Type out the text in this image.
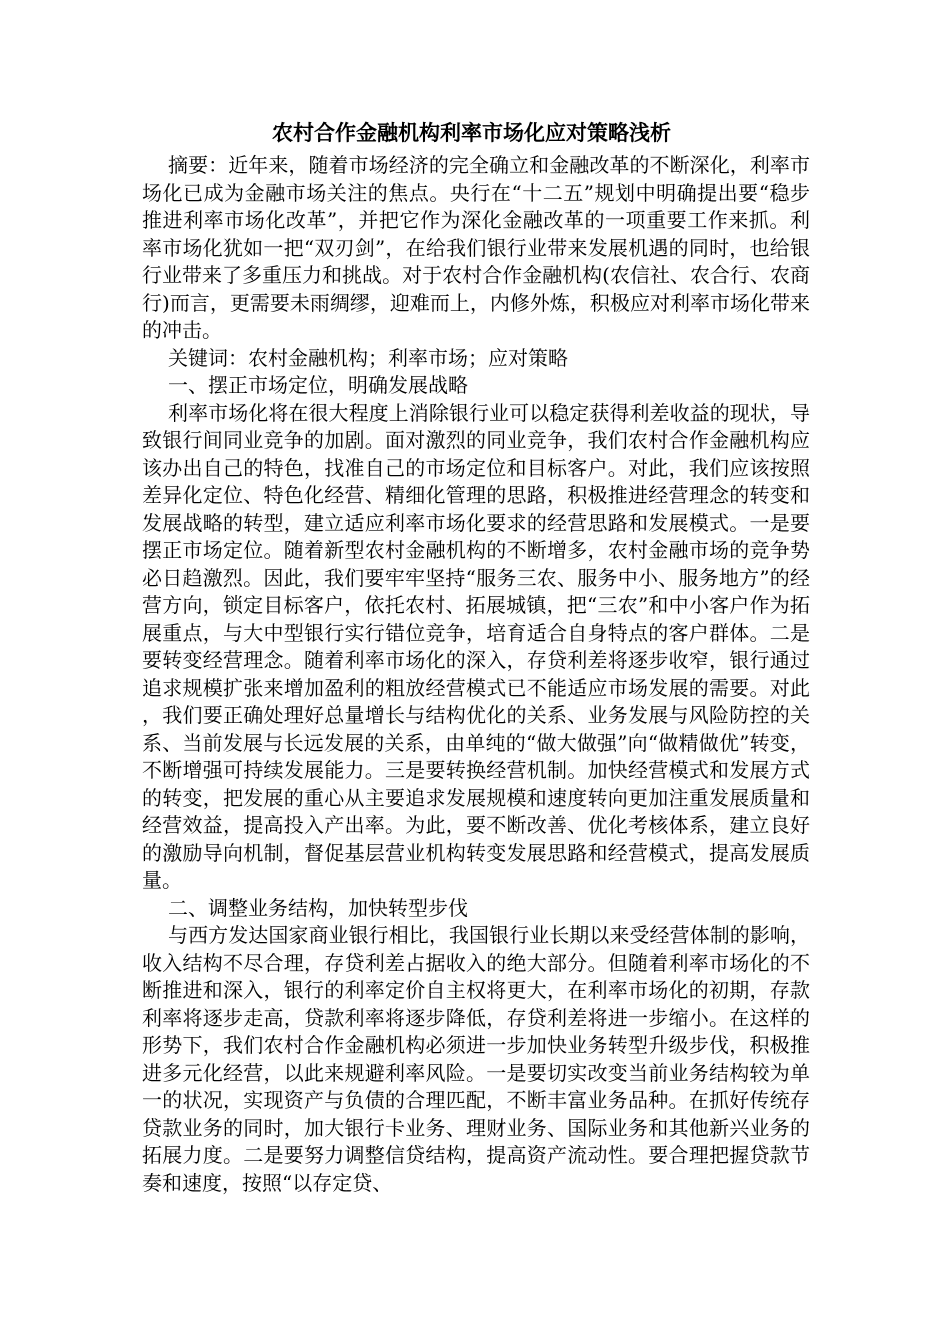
农村合作金融机构利率市场化应对策略浅析

摘要：近年来，随着市场经济的完全确立和金融改革的不断深化，利率市场化已成为金融市场关注的焦点。央行在“十二五”规划中明确提出要“稳步推进利率市场化改革”，并把它作为深化金融改革的一项重要工作来抓。利率市场化犹如一把“双刃剑”，在给我们银行业带来发展机遇的同时，也给银行业带来了多重压力和挑战。对于农村合作金融机构(农信社、农合行、农商行)而言，更需要未雨绸缪，迎难而上，内修外炼，积极应对利率市场化带来的冲击。

关键词：农村金融机构；利率市场；应对策略

一、摆正市场定位，明确发展战略

利率市场化将在很大程度上消除银行业可以稳定获得利差收益的现状，导致银行间同业竞争的加剧。面对激烈的同业竞争，我们农村合作金融机构应该办出自己的特色，找准自己的市场定位和目标客户。对此，我们应该按照差异化定位、特色化经营、精细化管理的思路，积极推进经营理念的转变和发展战略的转型，建立适应利率市场化要求的经营思路和发展模式。一是要摆正市场定位。随着新型农村金融机构的不断增多，农村金融市场的竞争势必日趋激烈。因此，我们要牢牢坚持“服务三农、服务中小、服务地方”的经营方向，锁定目标客户，依托农村、拓展城镇，把“三农”和中小客户作为拓展重点，与大中型银行实行错位竞争，培育适合自身特点的客户群体。二是要转变经营理念。随着利率市场化的深入，存贷利差将逐步收窄，银行通过追求规模扩张来增加盈利的粗放经营模式已不能适应市场发展的需要。对此，我们要正确处理好总量增长与结构优化的关系、业务发展与风险防控的关系、当前发展与长远发展的关系，由单纯的“做大做强”向“做精做优”转变，不断增强可持续发展能力。三是要转换经营机制。加快经营模式和发展方式的转变，把发展的重心从主要追求发展规模和速度转向更加注重发展质量和经营效益，提高投入产出率。为此，要不断改善、优化考核体系，建立良好的激励导向机制，督促基层营业机构转变发展思路和经营模式，提高发展质量。

二、调整业务结构，加快转型步伐

与西方发达国家商业银行相比，我国银行业长期以来受经营体制的影响，收入结构不尽合理，存贷利差占据收入的绝大部分。但随着利率市场化的不断推进和深入，银行的利率定价自主权将更大，在利率市场化的初期，存款利率将逐步走高，贷款利率将逐步降低，存贷利差将进一步缩小。在这样的形势下，我们农村合作金融机构必须进一步加快业务转型升级步伐，积极推进多元化经营，以此来规避利率风险。一是要切实改变当前业务结构较为单一的状况，实现资产与负债的合理匹配，不断丰富业务品种。在抓好传统存贷款业务的同时，加大银行卡业务、理财业务、国际业务和其他新兴业务的拓展力度。二是要努力调整信贷结构，提高资产流动性。要合理把握贷款节奏和速度，按照“以存定贷、
